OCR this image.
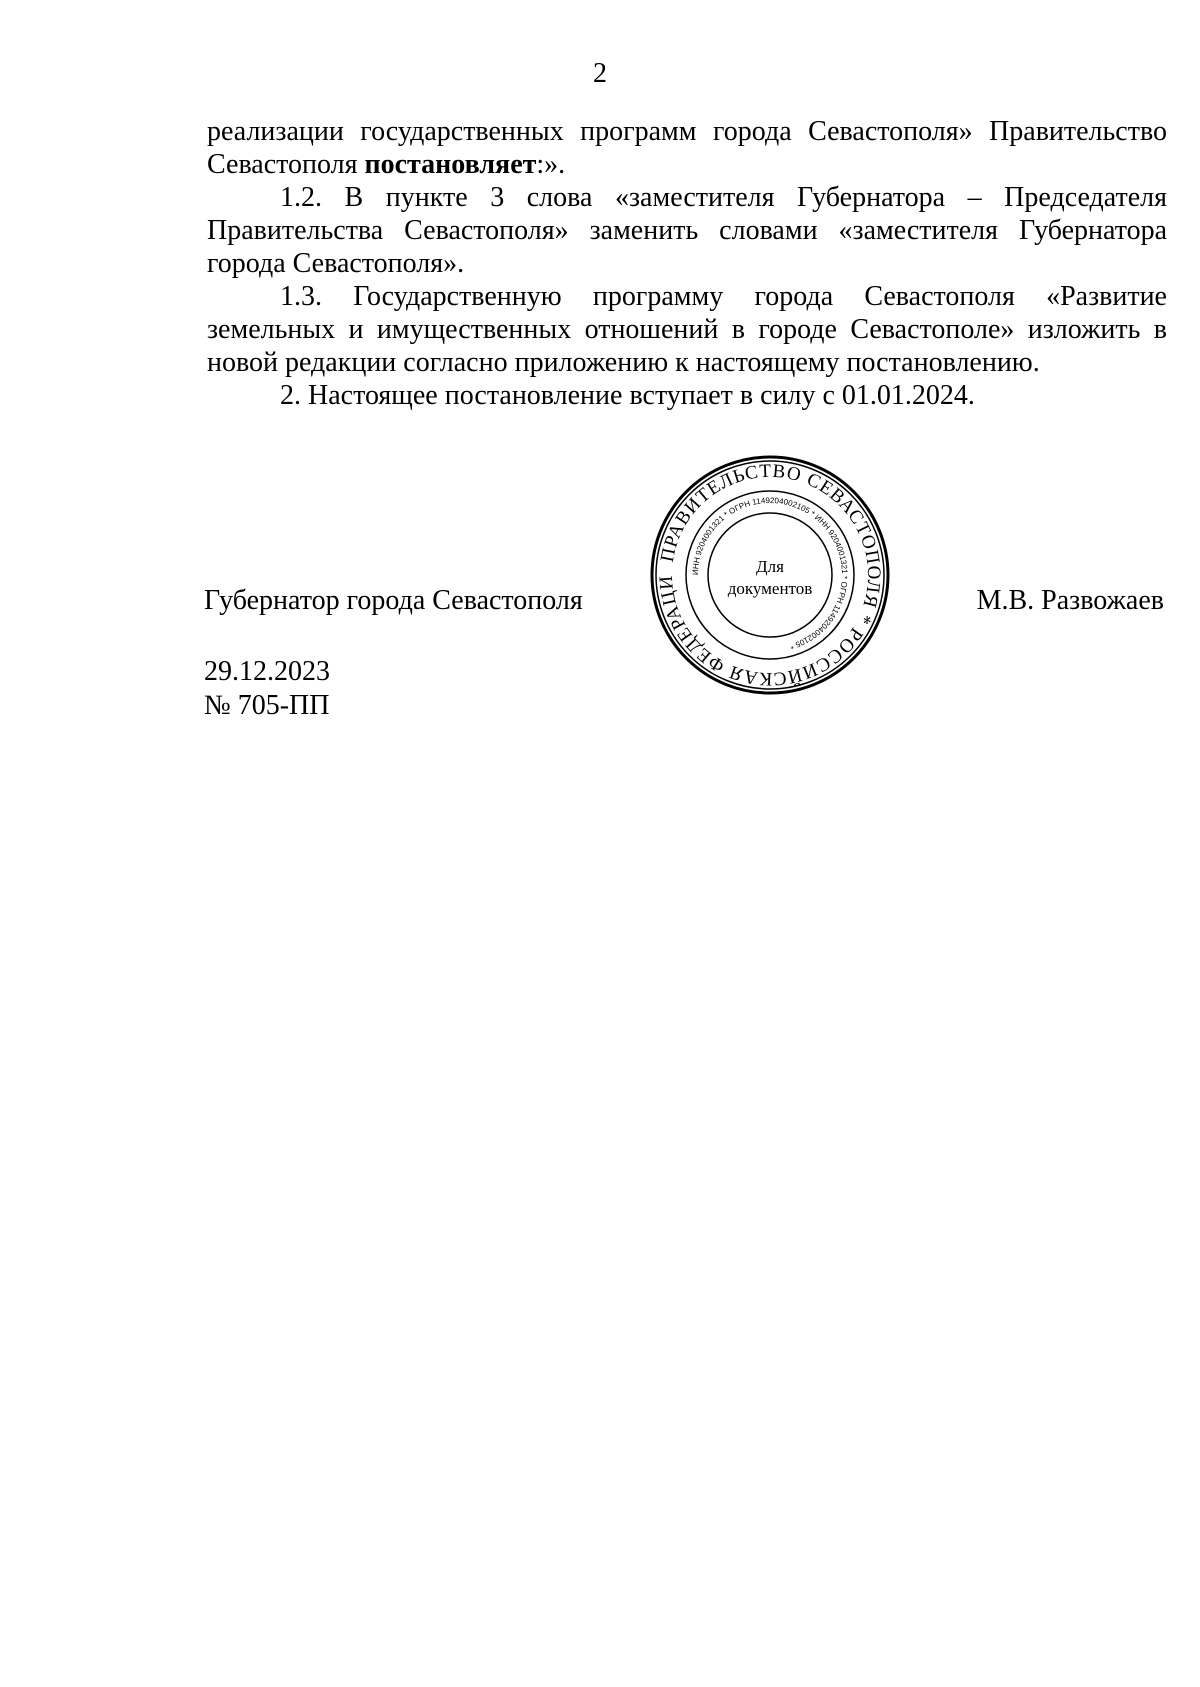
2

реализации государственных программ города Севастополя» Правительство Севастополя постановляет:».

1.2. В пункте 3 слова «заместителя Губернатора – Председателя Правительства Севастополя» заменить словами «заместителя Губернатора города Севастополя».

1.3. Государственную программу города Севастополя «Развитие земельных и имущественных отношений в городе Севастополе» изложить в новой редакции согласно приложению к настоящему постановлению.

2. Настоящее постановление вступает в силу с 01.01.2024.

Губернатор города Севастополя
ПРАВИТЕЛЬСТВО СЕВАСТОПОЛЯ * РОССИЙСКАЯ ФЕДЕРАЦИ
ИНН 9204001321 * ОГРН 1149204002105 * ИНН 9204001321 * ОГРН 1149204002105 *
Для
документов	М.В. Развожаев
29.12.2023
№ 705-ПП
